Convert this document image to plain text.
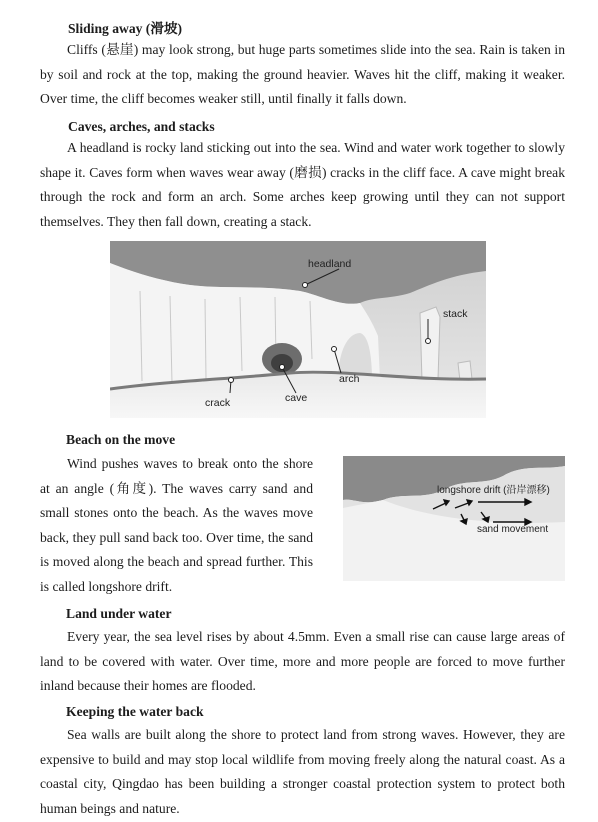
Sliding away (滑坡)

Cliffs (悬崖) may look strong, but huge parts sometimes slide into the sea. Rain is taken in by soil and rock at the top, making the ground heavier. Waves hit the cliff, making it weaker. Over time, the cliff becomes weaker still, until finally it falls down.

Caves, arches, and stacks

A headland is rocky land sticking out into the sea. Wind and water work together to slowly shape it. Caves form when waves wear away (磨损) cracks in the cliff face. A cave might break through the rock and form an arch. Some arches keep growing until they can not support themselves. They then fall down, creating a stack.

headland
stack
arch
crack	cave
Beach on the move

Wind pushes waves to break onto the shore at an angle (角度). The waves carry sand and small stones onto the beach. As the waves move back, they pull sand back too. Over time, the sand is moved along the beach and spread further. This is called longshore drift.

longshore drift (沿岸漂移)
sand movement
Land under water

Every year, the sea level rises by about 4.5mm. Even a small rise can cause large areas of land to be covered with water. Over time, more and more people are forced to move further inland because their homes are flooded.

Keeping the water back

Sea walls are built along the shore to protect land from strong waves. However, they are expensive to build and may stop local wildlife from moving freely along the natural coast. As a coastal city, Qingdao has been building a stronger coastal protection system to protect both human beings and nature.
